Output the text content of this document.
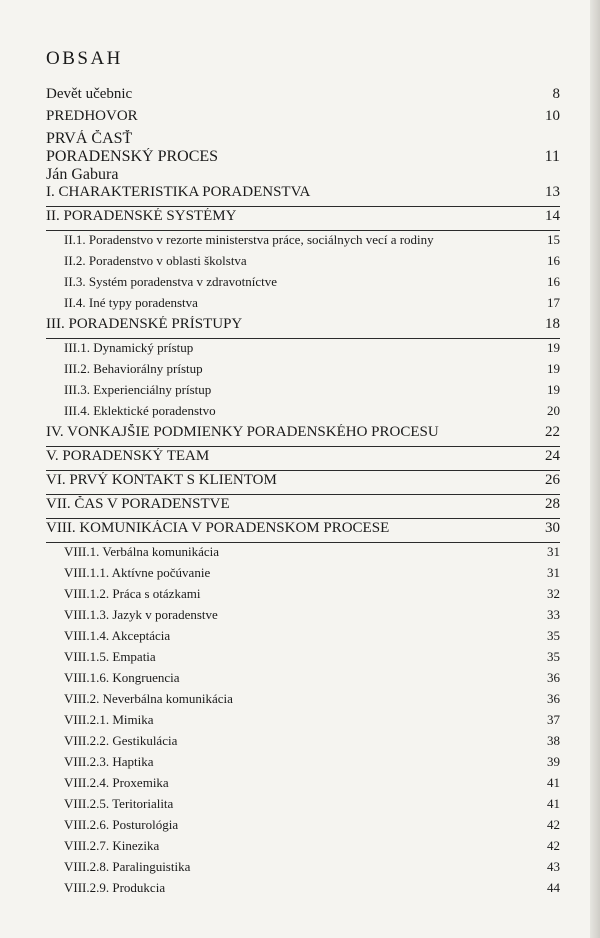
OBSAH
Devět učebnic	8
PREDHOVOR	10
PRVÁ ČASŤ
PORADENSKÝ PROCES	11
Ján Gabura
I. CHARAKTERISTIKA PORADENSTVA	13
II. PORADENSKÉ SYSTÉMY	14
II.1. Poradenstvo v rezorte ministerstva práce, sociálnych vecí a rodiny	15
II.2. Poradenstvo v oblasti školstva	16
II.3. Systém poradenstva v zdravotníctve	16
II.4. Iné typy poradenstva	17
III. PORADENSKÉ PRÍSTUPY	18
III.1. Dynamický prístup	19
III.2. Behaviorálny prístup	19
III.3. Experienciálny prístup	19
III.4. Eklektické poradenstvo	20
IV. VONKAJŠIE PODMIENKY PORADENSKÉHO PROCESU	22
V. PORADENSKÝ TEAM	24
VI. PRVÝ KONTAKT S KLIENTOM	26
VII. ČAS V PORADENSTVE	28
VIII. KOMUNIKÁCIA V PORADENSKOM PROCESE	30
VIII.1. Verbálna komunikácia	31
VIII.1.1. Aktívne počúvanie	31
VIII.1.2. Práca s otázkami	32
VIII.1.3. Jazyk v poradenstve	33
VIII.1.4. Akceptácia	35
VIII.1.5. Empatia	35
VIII.1.6. Kongruencia	36
VIII.2. Neverbálna komunikácia	36
VIII.2.1. Mimika	37
VIII.2.2. Gestikulácia	38
VIII.2.3. Haptika	39
VIII.2.4. Proxemika	41
VIII.2.5. Teritorialita	41
VIII.2.6. Posturológia	42
VIII.2.7. Kinezika	42
VIII.2.8. Paralinguistika	43
VIII.2.9. Produkcia	44
